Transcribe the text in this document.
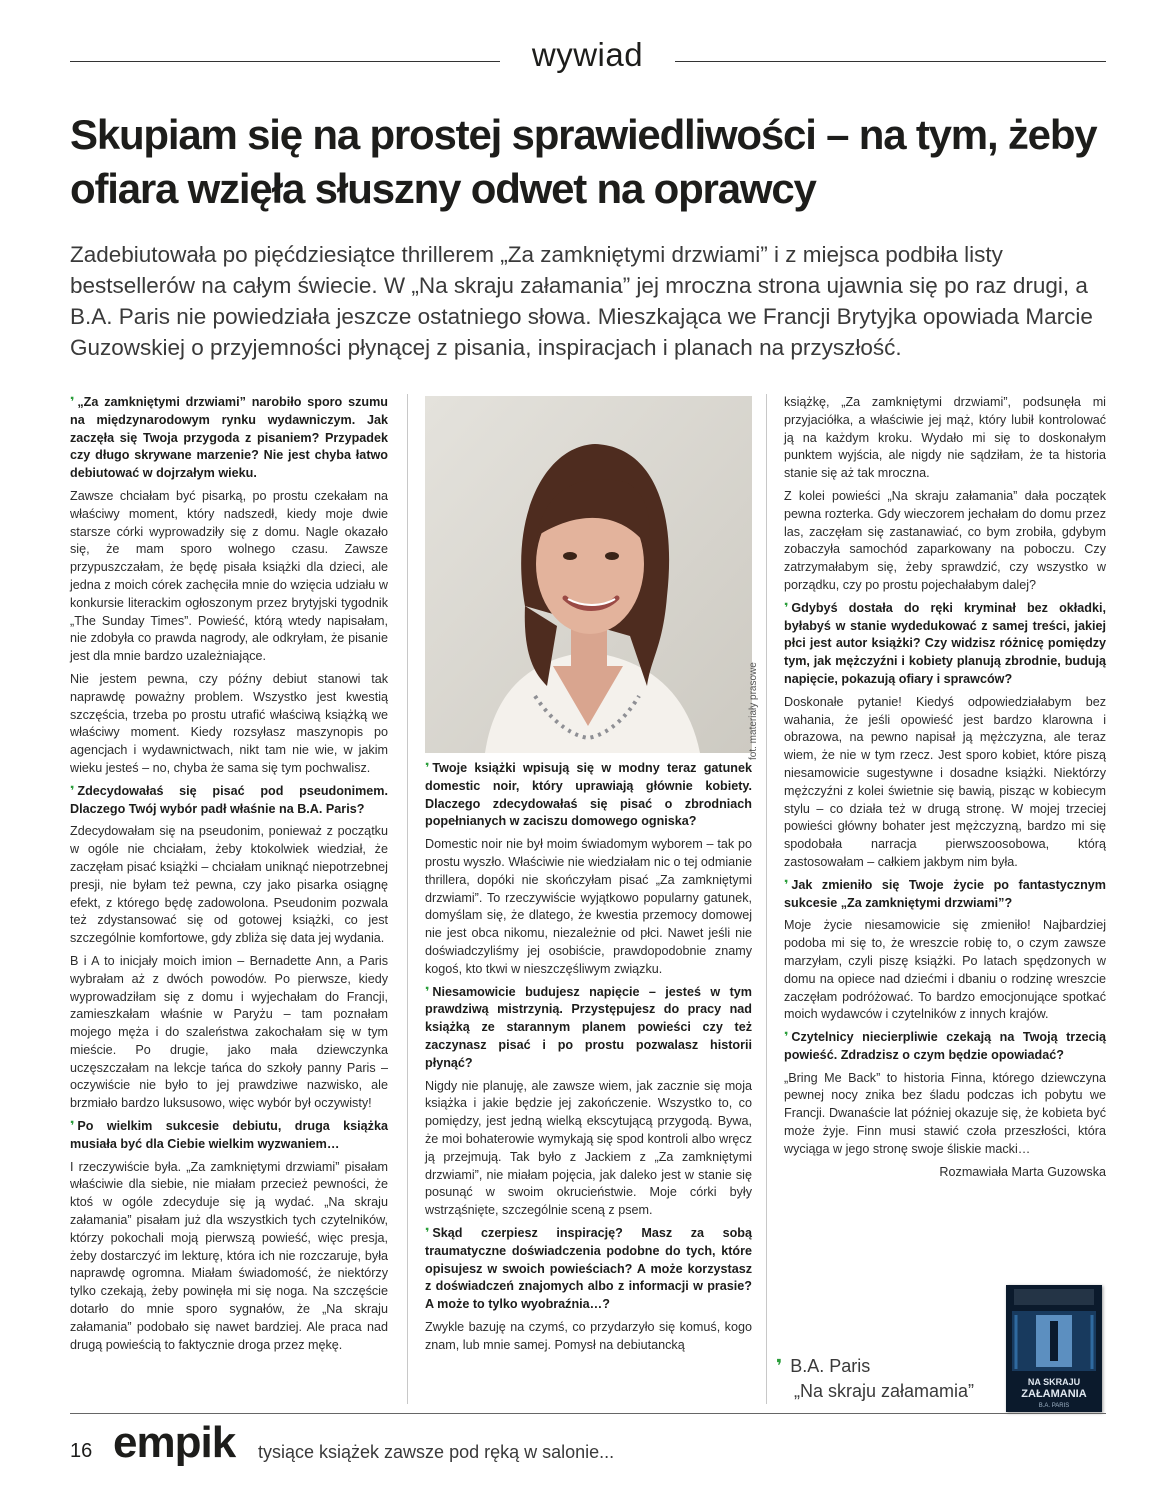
wywiad
Skupiam się na prostej sprawiedliwości – na tym, żeby ofiara wzięła słuszny odwet na oprawcy

Zadebiutowała po pięćdziesiątce thrillerem „Za zamkniętymi drzwiami” i z miejsca podbiła listy bestsellerów na całym świecie. W „Na skraju załamania” jej mroczna strona ujawnia się po raz drugi, a B.A. Paris nie powiedziała jeszcze ostatniego słowa. Mieszkająca we Francji Brytyjka opowiada Marcie Guzowskiej o przyjemności płynącej z pisania, inspiracjach i planach na przyszłość.

❜ „Za zamkniętymi drzwiami” narobiło sporo szumu na międzynarodowym rynku wydawniczym. Jak zaczęła się Twoja przygoda z pisaniem? Przypadek czy długo skrywane marzenie? Nie jest chyba łatwo debiutować w dojrzałym wieku.

Zawsze chciałam być pisarką, po prostu czekałam na właściwy moment, który nadszedł, kiedy moje dwie starsze córki wyprowadziły się z domu. Nagle okazało się, że mam sporo wolnego czasu. Zawsze przypuszczałam, że będę pisała książki dla dzieci, ale jedna z moich córek zachęciła mnie do wzięcia udziału w konkursie literackim ogłoszonym przez brytyjski tygodnik „The Sunday Times”. Powieść, którą wtedy napisałam, nie zdobyła co prawda nagrody, ale odkryłam, że pisanie jest dla mnie bardzo uzależniające.

Nie jestem pewna, czy późny debiut stanowi tak naprawdę poważny problem. Wszystko jest kwestią szczęścia, trzeba po prostu utrafić właściwą książką we właściwy moment. Kiedy rozsyłasz maszynopis po agencjach i wydawnictwach, nikt tam nie wie, w jakim wieku jesteś – no, chyba że sama się tym pochwalisz.

❜ Zdecydowałaś się pisać pod pseudonimem. Dlaczego Twój wybór padł właśnie na B.A. Paris?

Zdecydowałam się na pseudonim, ponieważ z początku w ogóle nie chciałam, żeby ktokolwiek wiedział, że zaczęłam pisać książki – chciałam uniknąć niepotrzebnej presji, nie byłam też pewna, czy jako pisarka osiągnę efekt, z którego będę zadowolona. Pseudonim pozwala też zdystansować się od gotowej książki, co jest szczególnie komfortowe, gdy zbliża się data jej wydania.

B i A to inicjały moich imion – Bernadette Ann, a Paris wybrałam aż z dwóch powodów. Po pierwsze, kiedy wyprowadziłam się z domu i wyjechałam do Francji, zamieszkałam właśnie w Paryżu – tam poznałam mojego męża i do szaleństwa zakochałam się w tym mieście. Po drugie, jako mała dziewczynka uczęszczałam na lekcje tańca do szkoły panny Paris – oczywiście nie było to jej prawdziwe nazwisko, ale brzmiało bardzo luksusowo, więc wybór był oczywisty!

❜ Po wielkim sukcesie debiutu, druga książka musiała być dla Ciebie wielkim wyzwaniem…

I rzeczywiście była. „Za zamkniętymi drzwiami” pisałam właściwie dla siebie, nie miałam przecież pewności, że ktoś w ogóle zdecyduje się ją wydać. „Na skraju załamania” pisałam już dla wszystkich tych czytelników, którzy pokochali moją pierwszą powieść, więc presja, żeby dostarczyć im lekturę, która ich nie rozczaruje, była naprawdę ogromna. Miałam świadomość, że niektórzy tylko czekają, żeby powinęła mi się noga. Na szczęście dotarło do mnie sporo sygnałów, że „Na skraju załamania” podobało się nawet bardziej. Ale praca nad drugą powieścią to faktycznie droga przez mękę.

fot. materiały prasowe

❜ Twoje książki wpisują się w modny teraz gatunek domestic noir, który uprawiają głównie kobiety. Dlaczego zdecydowałaś się pisać o zbrodniach popełnianych w zaciszu domowego ogniska?

Domestic noir nie był moim świadomym wyborem – tak po prostu wyszło. Właściwie nie wiedziałam nic o tej odmianie thrillera, dopóki nie skończyłam pisać „Za zamkniętymi drzwiami”. To rzeczywiście wyjątkowo popularny gatunek, domyślam się, że dlatego, że kwestia przemocy domowej nie jest obca nikomu, niezależnie od płci. Nawet jeśli nie doświadczyliśmy jej osobiście, prawdopodobnie znamy kogoś, kto tkwi w nieszczęśliwym związku.

❜ Niesamowicie budujesz napięcie – jesteś w tym prawdziwą mistrzynią. Przystępujesz do pracy nad książką ze starannym planem powieści czy też zaczynasz pisać i po prostu pozwalasz historii płynąć?

Nigdy nie planuję, ale zawsze wiem, jak zacznie się moja książka i jakie będzie jej zakończenie. Wszystko to, co pomiędzy, jest jedną wielką ekscytującą przygodą. Bywa, że moi bohaterowie wymykają się spod kontroli albo wręcz ją przejmują. Tak było z Jackiem z „Za zamkniętymi drzwiami”, nie miałam pojęcia, jak daleko jest w stanie się posunąć w swoim okrucieństwie. Moje córki były wstrząśnięte, szczególnie sceną z psem.

❜ Skąd czerpiesz inspirację? Masz za sobą traumatyczne doświadczenia podobne do tych, które opisujesz w swoich powieściach? A może korzystasz z doświadczeń znajomych albo z informacji w prasie? A może to tylko wyobraźnia…?

Zwykle bazuję na czymś, co przydarzyło się komuś, kogo znam, lub mnie samej. Pomysł na debiutancką

książkę, „Za zamkniętymi drzwiami”, podsunęła mi przyjaciółka, a właściwie jej mąż, który lubił kontrolować ją na każdym kroku. Wydało mi się to doskonałym punktem wyjścia, ale nigdy nie sądziłam, że ta historia stanie się aż tak mroczna.

Z kolei powieści „Na skraju załamania” dała początek pewna rozterka. Gdy wieczorem jechałam do domu przez las, zaczęłam się zastanawiać, co bym zrobiła, gdybym zobaczyła samochód zaparkowany na poboczu. Czy zatrzymałabym się, żeby sprawdzić, czy wszystko w porządku, czy po prostu pojechałabym dalej?

❜ Gdybyś dostała do ręki kryminał bez okładki, byłabyś w stanie wydedukować z samej treści, jakiej płci jest autor książki? Czy widzisz różnicę pomiędzy tym, jak mężczyźni i kobiety planują zbrodnie, budują napięcie, pokazują ofiary i sprawców?

Doskonałe pytanie! Kiedyś odpowiedziałabym bez wahania, że jeśli opowieść jest bardzo klarowna i obrazowa, na pewno napisał ją mężczyzna, ale teraz wiem, że nie w tym rzecz. Jest sporo kobiet, które piszą niesamowicie sugestywne i dosadne książki. Niektórzy mężczyźni z kolei świetnie się bawią, pisząc w kobiecym stylu – co działa też w drugą stronę. W mojej trzeciej powieści główny bohater jest mężczyzną, bardzo mi się spodobała narracja pierwszoosobowa, którą zastosowałam – całkiem jakbym nim była.

❜ Jak zmieniło się Twoje życie po fantastycznym sukcesie „Za zamkniętymi drzwiami”?

Moje życie niesamowicie się zmieniło! Najbardziej podoba mi się to, że wreszcie robię to, o czym zawsze marzyłam, czyli piszę książki. Po latach spędzonych w domu na opiece nad dziećmi i dbaniu o rodzinę wreszcie zaczęłam podróżować. To bardzo emocjonujące spotkać moich wydawców i czytelników z innych krajów.

❜ Czytelnicy niecierpliwie czekają na Twoją trzecią powieść. Zdradzisz o czym będzie opowiadać?

„Bring Me Back” to historia Finna, którego dziewczyna pewnej nocy znika bez śladu podczas ich pobytu we Francji. Dwanaście lat później okazuje się, że kobieta być może żyje. Finn musi stawić czoła przeszłości, która wyciąga w jego stronę swoje śliskie macki…

Rozmawiała Marta Guzowska

❜ B.A. Paris
„Na skraju załamamia”	NA SKRAJU
ZAŁAMANIA
B.A. PARIS
16 empik tysiące książek zawsze pod ręką w salonie...
